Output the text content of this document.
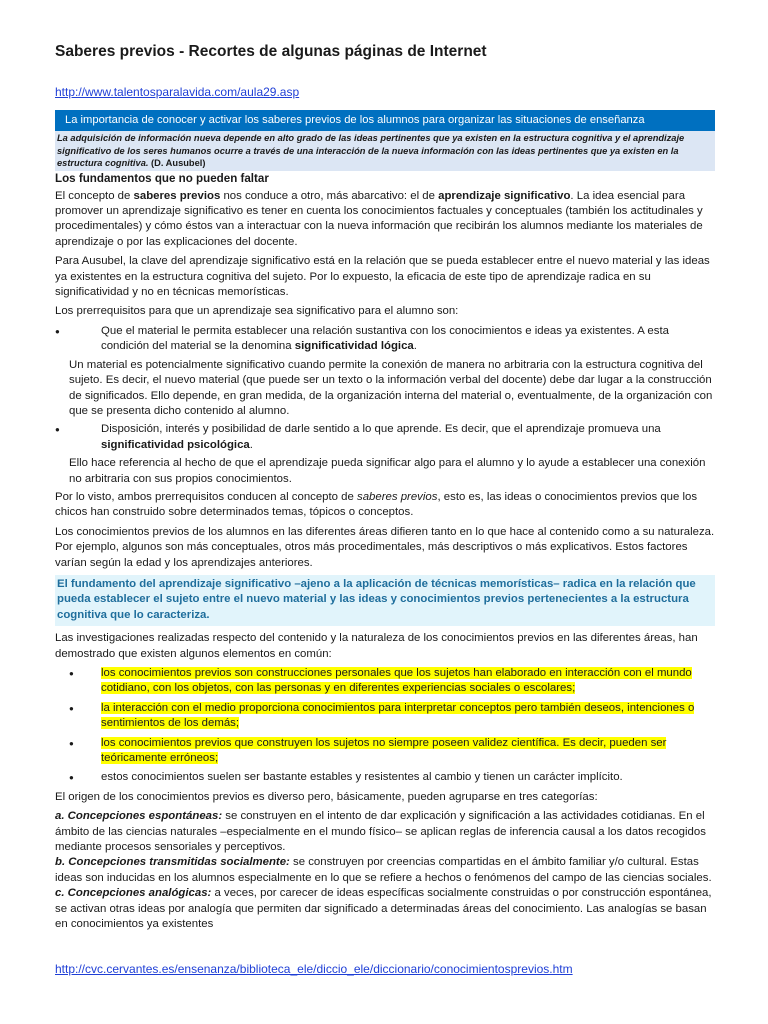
Saberes previos - Recortes de algunas páginas de Internet
http://www.talentosparalavida.com/aula29.asp
La importancia de conocer y activar los saberes previos de los alumnos para organizar las situaciones de enseñanza
La adquisición de información nueva depende en alto grado de las ideas pertinentes que ya existen en la estructura cognitiva y el aprendizaje significativo de los seres humanos ocurre a través de una interacción de la nueva información con las ideas pertinentes que ya existen en la estructura cognitiva. (D. Ausubel)
Los fundamentos que no pueden faltar

El concepto de saberes previos nos conduce a otro, más abarcativo: el de aprendizaje significativo. La idea esencial para promover un aprendizaje significativo es tener en cuenta los conocimientos factuales y conceptuales (también los actitudinales y procedimentales) y cómo éstos van a interactuar con la nueva información que recibirán los alumnos mediante los materiales de aprendizaje o por las explicaciones del docente.

Para Ausubel, la clave del aprendizaje significativo está en la relación que se pueda establecer entre el nuevo material y las ideas ya existentes en la estructura cognitiva del sujeto. Por lo expuesto, la eficacia de este tipo de aprendizaje radica en su significatividad y no en técnicas memorísticas.

Los prerrequisitos para que un aprendizaje sea significativo para el alumno son:

●	Que el material le permita establecer una relación sustantiva con los conocimientos e ideas ya existentes. A esta condición del material se la denomina significatividad lógica.
Un material es potencialmente significativo cuando permite la conexión de manera no arbitraria con la estructura cognitiva del sujeto. Es decir, el nuevo material (que puede ser un texto o la información verbal del docente) debe dar lugar a la construcción de significados. Ello depende, en gran medida, de la organización interna del material o, eventualmente, de la organización con que se presenta dicho contenido al alumno.
●	Disposición, interés y posibilidad de darle sentido a lo que aprende. Es decir, que el aprendizaje promueva una significatividad psicológica.
Ello hace referencia al hecho de que el aprendizaje pueda significar algo para el alumno y lo ayude a establecer una conexión no arbitraria con sus propios conocimientos.

Por lo visto, ambos prerrequisitos conducen al concepto de saberes previos, esto es, las ideas o conocimientos previos que los chicos han construido sobre determinados temas, tópicos o conceptos.

Los conocimientos previos de los alumnos en las diferentes áreas difieren tanto en lo que hace al contenido como a su naturaleza. Por ejemplo, algunos son más conceptuales, otros más procedimentales, más descriptivos o más explicativos. Estos factores varían según la edad y los aprendizajes anteriores.

El fundamento del aprendizaje significativo –ajeno a la aplicación de técnicas memorísticas– radica en la relación que pueda establecer el sujeto entre el nuevo material y las ideas y conocimientos previos pertenecientes a la estructura cognitiva que lo caracteriza.

Las investigaciones realizadas respecto del contenido y la naturaleza de los conocimientos previos en las diferentes áreas, han demostrado que existen algunos elementos en común:

●	los conocimientos previos son construcciones personales que los sujetos han elaborado en interacción con el mundo cotidiano, con los objetos, con las personas y en diferentes experiencias sociales o escolares;
●	la interacción con el medio proporciona conocimientos para interpretar conceptos pero también deseos, intenciones o sentimientos de los demás;
●	los conocimientos previos que construyen los sujetos no siempre poseen validez científica. Es decir, pueden ser teóricamente erróneos;
●	estos conocimientos suelen ser bastante estables y resistentes al cambio y tienen un carácter implícito.

El origen de los conocimientos previos es diverso pero, básicamente, pueden agruparse en tres categorías:

a. Concepciones espontáneas: se construyen en el intento de dar explicación y significación a las actividades cotidianas. En el ámbito de las ciencias naturales –especialmente en el mundo físico– se aplican reglas de inferencia causal a los datos recogidos mediante procesos sensoriales y perceptivos.

b. Concepciones transmitidas socialmente: se construyen por creencias compartidas en el ámbito familiar y/o cultural. Estas ideas son inducidas en los alumnos especialmente en lo que se refiere a hechos o fenómenos del campo de las ciencias sociales.

c. Concepciones analógicas: a veces, por carecer de ideas específicas socialmente construidas o por construcción espontánea, se activan otras ideas por analogía que permiten dar significado a determinadas áreas del conocimiento. Las analogías se basan en conocimientos ya existentes

http://cvc.cervantes.es/ensenanza/biblioteca_ele/diccio_ele/diccionario/conocimientosprevios.htm
